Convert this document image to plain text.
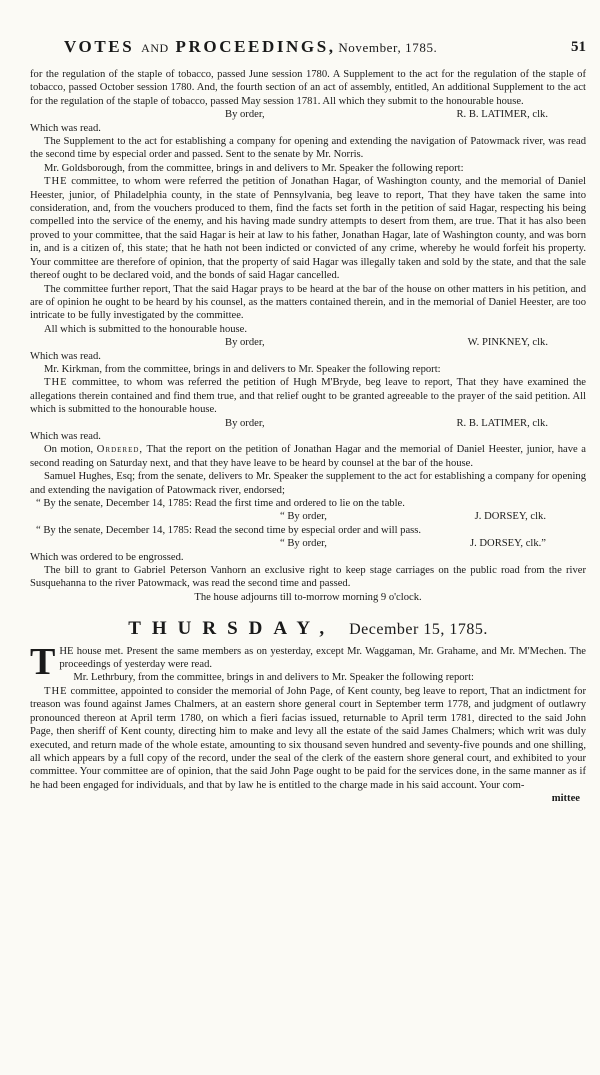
VOTES AND PROCEEDINGS, November, 1785.	51

for the regulation of the staple of tobacco, passed June session 1780. A Supplement to the act for the regulation of the staple of tobacco, passed October session 1780. And, the fourth section of an act of assembly, entitled, An additional Supplement to the act for the regulation of the staple of tobacco, passed May session 1781. All which they submit to the honourable house.

By order,	R. B. LATIMER, clk.

Which was read.

The Supplement to the act for establishing a company for opening and extending the navigation of Patowmack river, was read the second time by especial order and passed. Sent to the senate by Mr. Norris.

Mr. Goldsborough, from the committee, brings in and delivers to Mr. Speaker the following report:

THE committee, to whom were referred the petition of Jonathan Hagar, of Washington county, and the memorial of Daniel Heester, junior, of Philadelphia county, in the state of Pennsylvania, beg leave to report, That they have taken the same into consideration, and, from the vouchers produced to them, find the facts set forth in the petition of said Hagar, respecting his being compelled into the service of the enemy, and his having made sundry attempts to desert from them, are true. That it has also been proved to your committee, that the said Hagar is heir at law to his father, Jonathan Hagar, late of Washington county, and was born in, and is a citizen of, this state; that he hath not been indicted or convicted of any crime, whereby he would forfeit his property. Your committee are therefore of opinion, that the property of said Hagar was illegally taken and sold by the state, and that the sale thereof ought to be declared void, and the bonds of said Hagar cancelled.

The committee further report, That the said Hagar prays to be heard at the bar of the house on other matters in his petition, and are of opinion he ought to be heard by his counsel, as the matters contained therein, and in the memorial of Daniel Heester, are too intricate to be fully investigated by the committee.

All which is submitted to the honourable house.

By order,	W. PINKNEY, clk.

Which was read.

Mr. Kirkman, from the committee, brings in and delivers to Mr. Speaker the following report:

THE committee, to whom was referred the petition of Hugh M'Bryde, beg leave to report, That they have examined the allegations therein contained and find them true, and that relief ought to be granted agreeable to the prayer of the said petition. All which is submitted to the honourable house.

By order,	R. B. LATIMER, clk.

Which was read.

On motion, Ordered, That the report on the petition of Jonathan Hagar and the memorial of Daniel Heester, junior, have a second reading on Saturday next, and that they have leave to be heard by counsel at the bar of the house.

Samuel Hughes, Esq; from the senate, delivers to Mr. Speaker the supplement to the act for establishing a company for opening and extending the navigation of Patowmack river, endorsed;

“ By the senate, December 14, 1785: Read the first time and ordered to lie on the table.

“ By order,	J. DORSEY, clk.

“ By the senate, December 14, 1785: Read the second time by especial order and will pass.

“ By order,	J. DORSEY, clk.”

Which was ordered to be engrossed.

The bill to grant to Gabriel Peterson Vanhorn an exclusive right to keep stage carriages on the public road from the river Susquehanna to the river Patowmack, was read the second time and passed.

The house adjourns till to-morrow morning 9 o'clock.

THURSDAY, December 15, 1785.

THE house met. Present the same members as on yesterday, except Mr. Waggaman, Mr. Grahame, and Mr. M'Mechen. The proceedings of yesterday were read.

Mr. Lethrbury, from the committee, brings in and delivers to Mr. Speaker the following report:

THE committee, appointed to consider the memorial of John Page, of Kent county, beg leave to report, That an indictment for treason was found against James Chalmers, at an eastern shore general court in September term 1778, and judgment of outlawry pronounced thereon at April term 1780, on which a fieri facias issued, returnable to April term 1781, directed to the said John Page, then sheriff of Kent county, directing him to make and levy all the estate of the said James Chalmers; which writ was duly executed, and return made of the whole estate, amounting to six thousand seven hundred and seventy-five pounds and one shilling, all which appears by a full copy of the record, under the seal of the clerk of the eastern shore general court, and exhibited to your committee. Your committee are of opinion, that the said John Page ought to be paid for the services done, in the same manner as if he had been engaged for individuals, and that by law he is entitled to the charge made in his said account. Your com-

mittee
